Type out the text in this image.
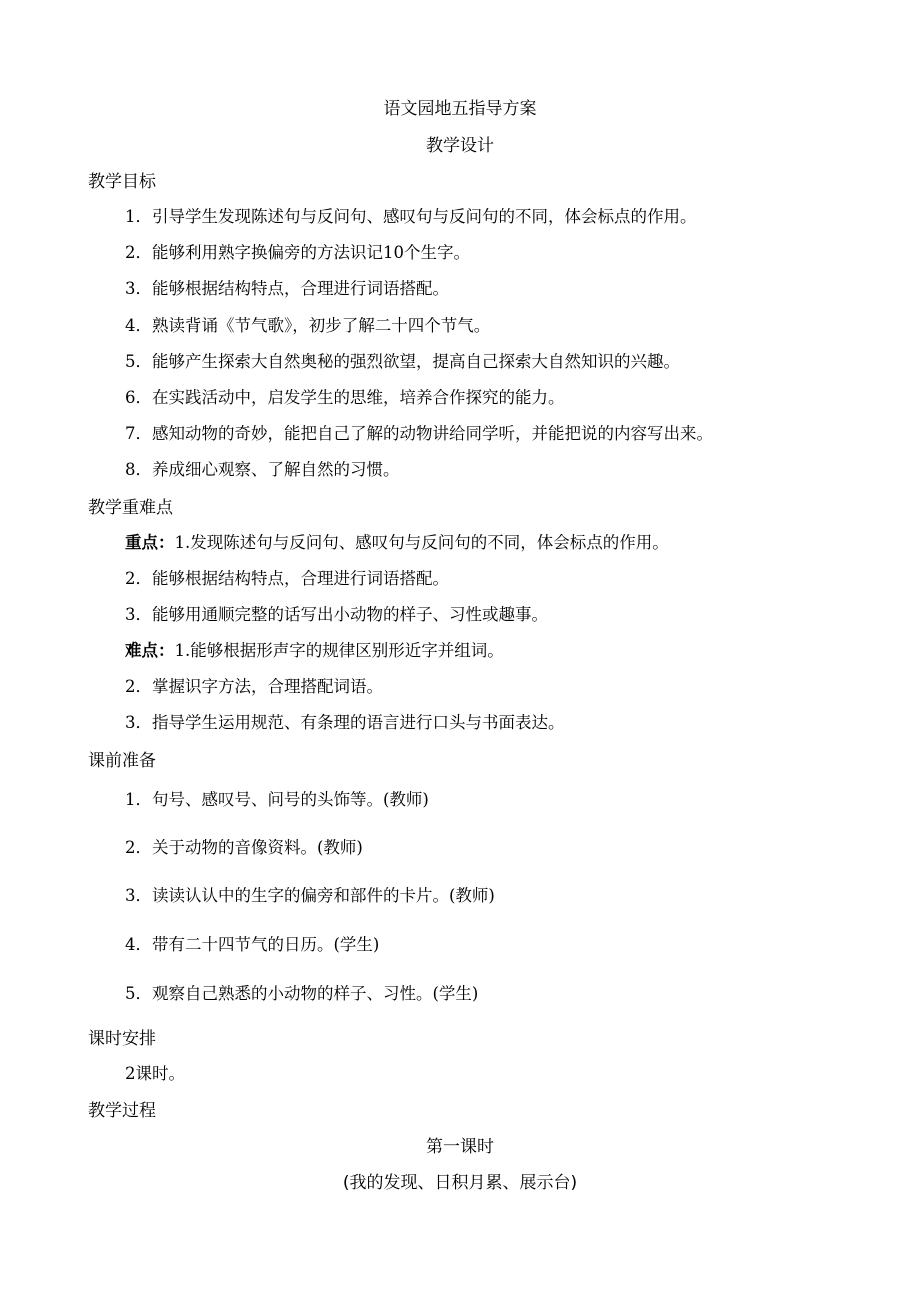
语文园地五指导方案
教学设计
教学目标
1．引导学生发现陈述句与反问句、感叹句与反问句的不同，体会标点的作用。
2．能够利用熟字换偏旁的方法识记10个生字。
3．能够根据结构特点，合理进行词语搭配。
4．熟读背诵《节气歌》，初步了解二十四个节气。
5．能够产生探索大自然奥秘的强烈欲望，提高自己探索大自然知识的兴趣。
6．在实践活动中，启发学生的思维，培养合作探究的能力。
7．感知动物的奇妙，能把自己了解的动物讲给同学听，并能把说的内容写出来。
8．养成细心观察、了解自然的习惯。
教学重难点
重点：1.发现陈述句与反问句、感叹句与反问句的不同，体会标点的作用。
2．能够根据结构特点，合理进行词语搭配。
3．能够用通顺完整的话写出小动物的样子、习性或趣事。
难点：1.能够根据形声字的规律区别形近字并组词。
2．掌握识字方法，合理搭配词语。
3．指导学生运用规范、有条理的语言进行口头与书面表达。
课前准备
1．句号、感叹号、问号的头饰等。(教师)
2．关于动物的音像资料。(教师)
3．读读认认中的生字的偏旁和部件的卡片。(教师)
4．带有二十四节气的日历。(学生)
5．观察自己熟悉的小动物的样子、习性。(学生)
课时安排
2课时。
教学过程
第一课时
(我的发现、日积月累、展示台)
